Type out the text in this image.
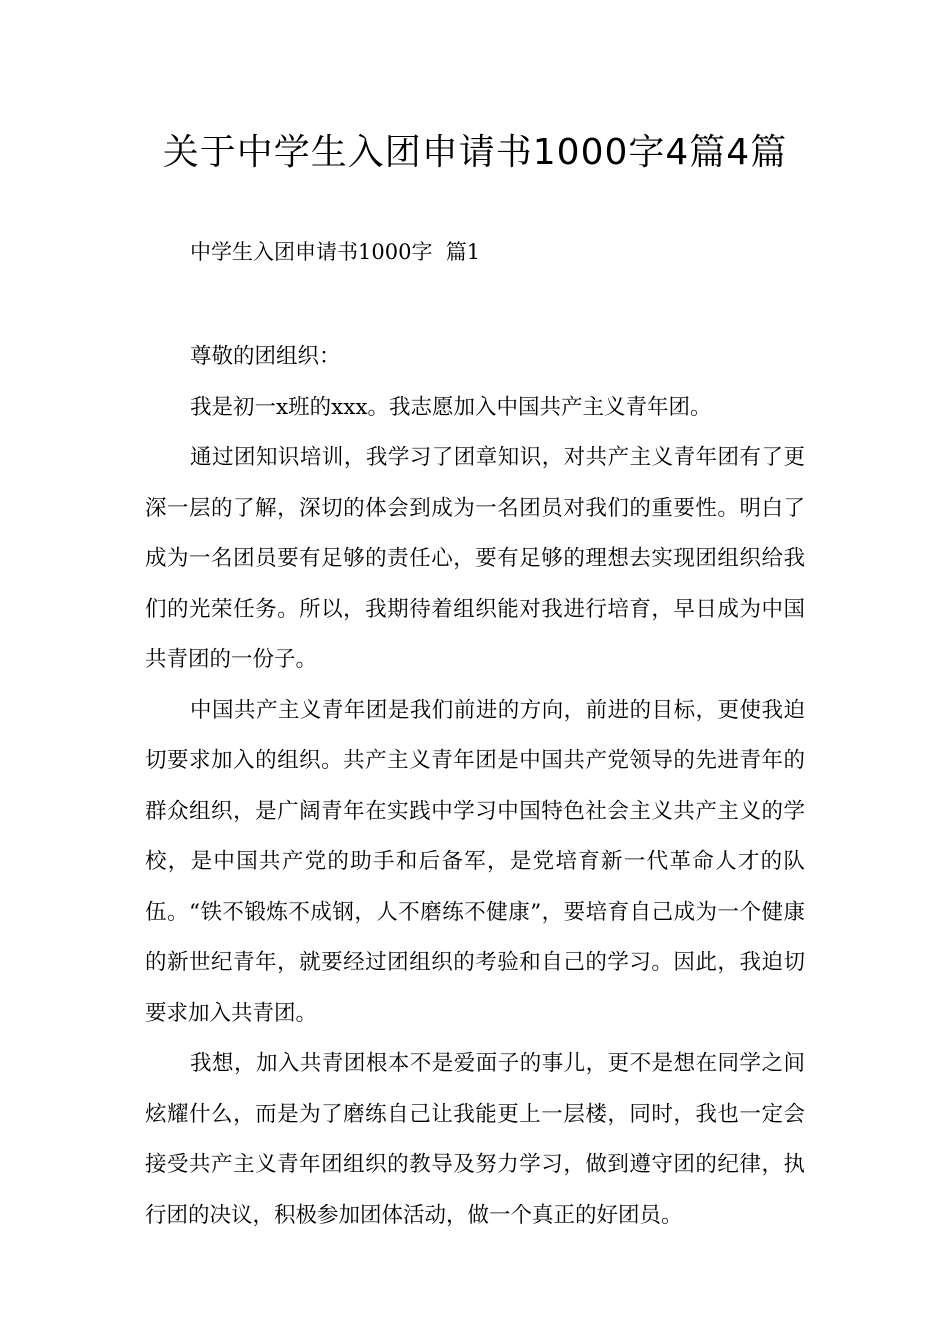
关于中学生入团申请书1000字4篇4篇
中学生入团申请书1000字  篇1

尊敬的团组织：

我是初一x班的xxx。我志愿加入中国共产主义青年团。

通过团知识培训，我学习了团章知识，对共产主义青年团有了更深一层的了解，深切的体会到成为一名团员对我们的重要性。明白了成为一名团员要有足够的责任心，要有足够的理想去实现团组织给我们的光荣任务。所以，我期待着组织能对我进行培育，早日成为中国共青团的一份子。

中国共产主义青年团是我们前进的方向，前进的目标，更使我迫切要求加入的组织。共产主义青年团是中国共产党领导的先进青年的群众组织，是广阔青年在实践中学习中国特色社会主义共产主义的学校，是中国共产党的助手和后备军，是党培育新一代革命人才的队伍。“铁不锻炼不成钢，人不磨练不健康”，要培育自己成为一个健康的新世纪青年，就要经过团组织的考验和自己的学习。因此，我迫切要求加入共青团。

我想，加入共青团根本不是爱面子的事儿，更不是想在同学之间炫耀什么，而是为了磨练自己让我能更上一层楼，同时，我也一定会接受共产主义青年团组织的教导及努力学习，做到遵守团的纪律，执行团的决议，积极参加团体活动，做一个真正的好团员。
